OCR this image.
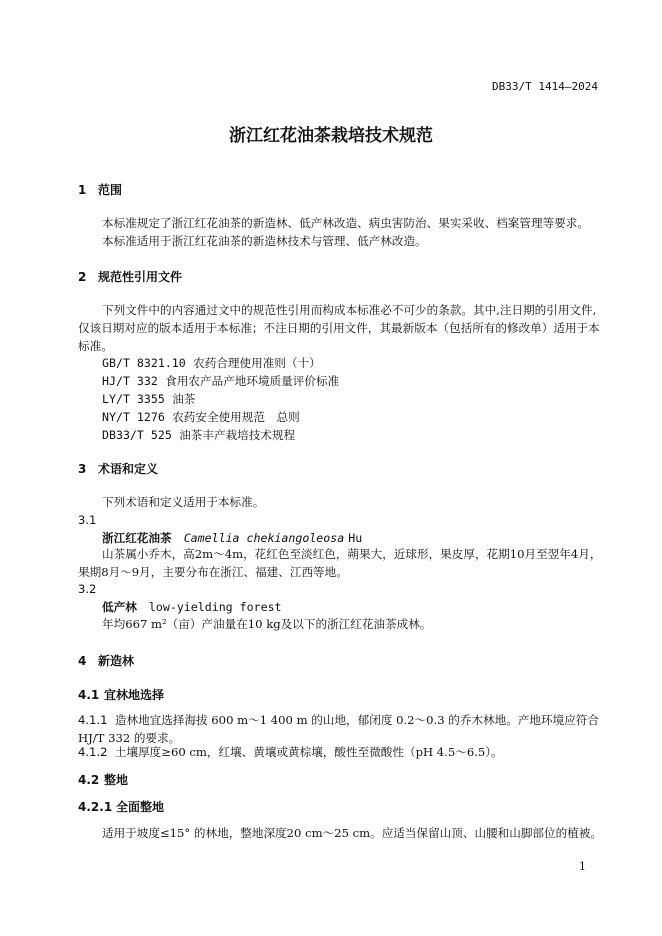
DB33/T 1414—2024
浙江红花油茶栽培技术规范
1 范围
本标准规定了浙江红花油茶的新造林、低产林改造、病虫害防治、果实采收、档案管理等要求。
本标准适用于浙江红花油茶的新造林技术与管理、低产林改造。
2 规范性引用文件
下列文件中的内容通过文中的规范性引用而构成本标准必不可少的条款。其中,注日期的引用文件,仅该日期对应的版本适用于本标准；不注日期的引用文件，其最新版本（包括所有的修改单）适用于本标准。
GB/T 8321.10 农药合理使用准则（十）
HJ/T 332 食用农产品产地环境质量评价标准
LY/T 3355 油茶
NY/T 1276 农药安全使用规范　总则
DB33/T 525 油茶丰产栽培技术规程
3 术语和定义
下列术语和定义适用于本标准。
3.1
浙江红花油茶 Camellia chekiangoleosa Hu
山茶属小乔木，高2m～4m，花红色至淡红色，蒴果大，近球形，果皮厚，花期10月至翌年4月，果期8月～9月，主要分布在浙江、福建、江西等地。
3.2
低产林 low-yielding forest
年均667 m²（亩）产油量在10 kg及以下的浙江红花油茶成林。
4 新造林
4.1 宜林地选择
4.1.1 造林地宜选择海拔 600 m～1 400 m 的山地，郁闭度 0.2～0.3 的乔木林地。产地环境应符合 HJ/T 332 的要求。
4.1.2 土壤厚度≥60 cm，红壤、黄壤或黄棕壤，酸性至微酸性（pH 4.5～6.5）。
4.2 整地
4.2.1 全面整地
适用于坡度≤15° 的林地，整地深度20 cm～25 cm。应适当保留山顶、山腰和山脚部位的植被。
1
